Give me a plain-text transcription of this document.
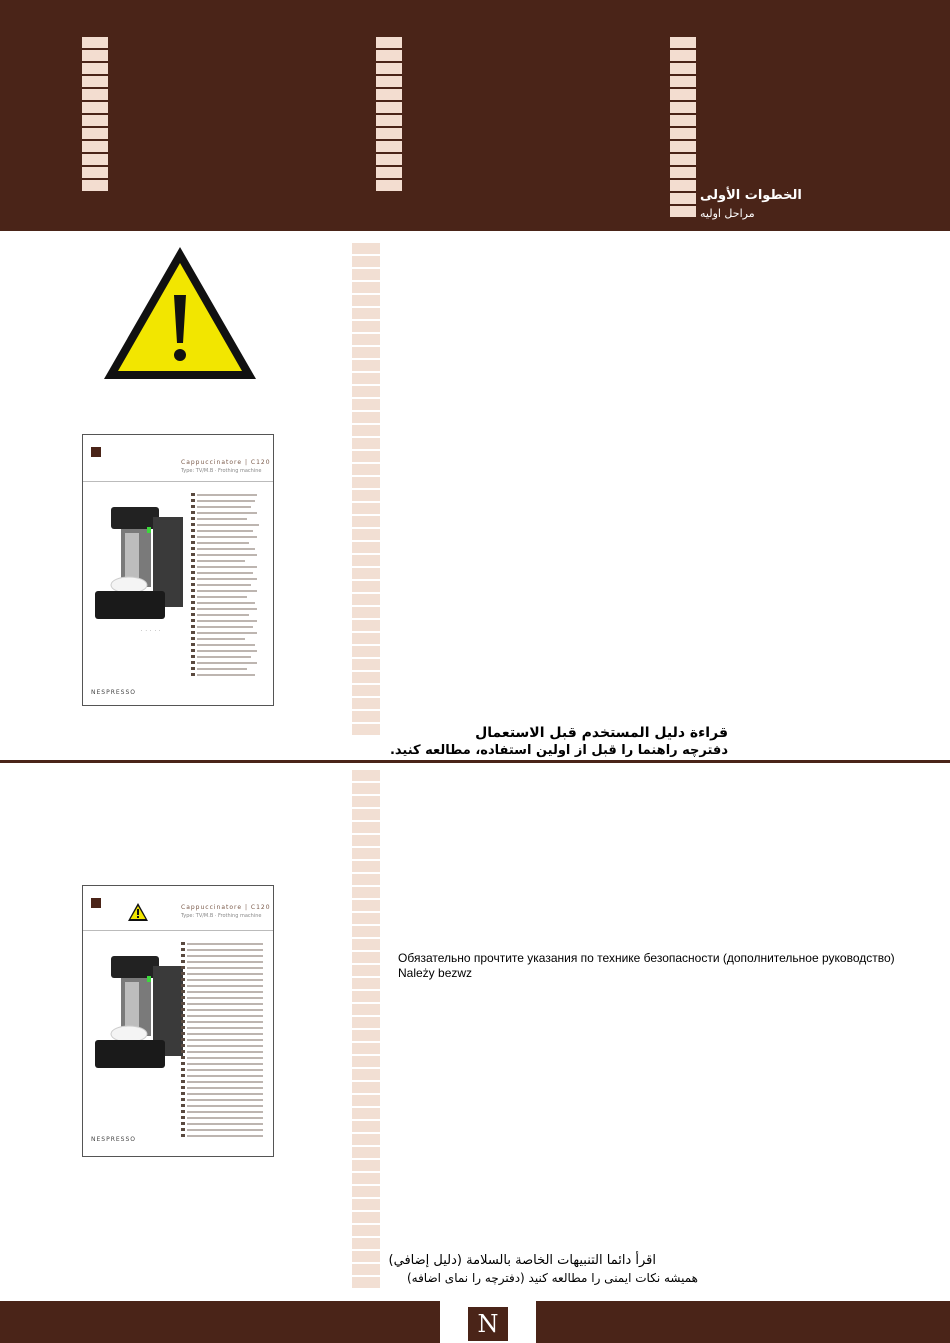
الخطوات الأولى
مراحل اولیه
Cappuccinatore | C120
Type: TV/M.B · Frothing machine
· · · · ·
NESPRESSO
قراءة دليل المستخدم قبل الاستعمال
دفترچه راهنما را قبل از اولین استفاده، مطالعه کنید.
Cappuccinatore | C120
Type: TV/M.B · Frothing machine
NESPRESSO
Обязательно прочтите указания по технике безопасности (дополнительное руководство)
Należy bezwz
اقرأ دائما التنبيهات الخاصة بالسلامة (دليل إضافي)
همیشه نکات ایمنی را مطالعه کنید (دفترچه را نمای اضافه)
N
